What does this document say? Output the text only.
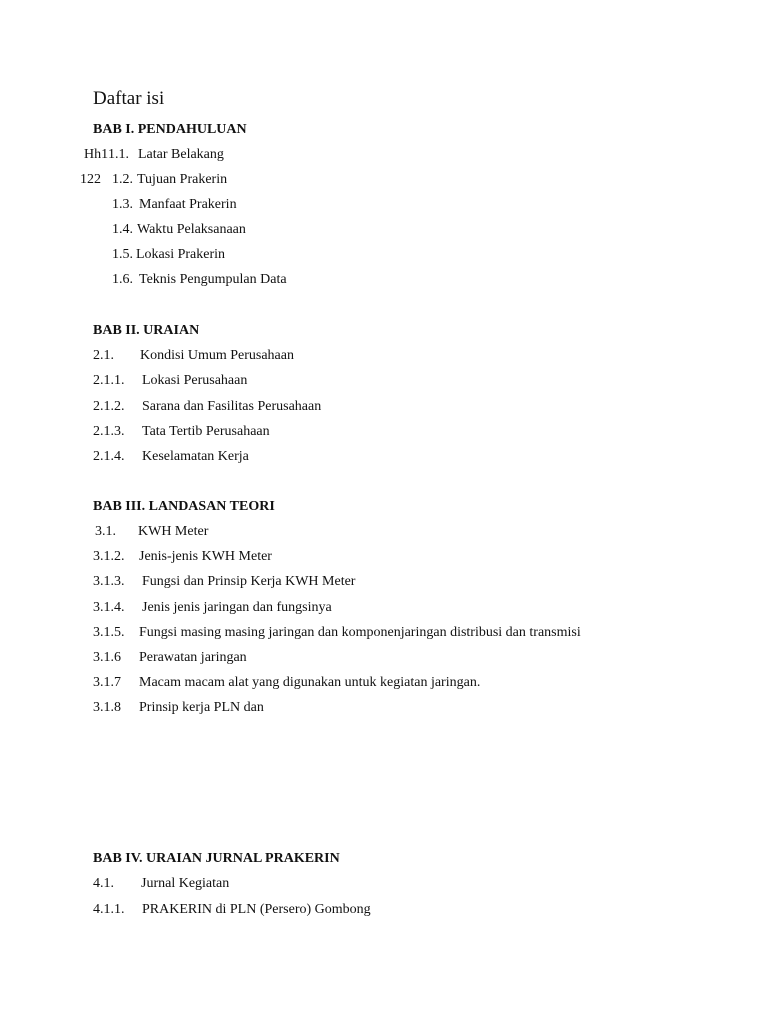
Daftar isi
BAB I. PENDAHULUAN
Hh1 1.1. Latar Belakang
122 1.2. Tujuan Prakerin
1.3. Manfaat Prakerin
1.4. Waktu Pelaksanaan
1.5. Lokasi Prakerin
1.6. Teknis Pengumpulan Data
BAB II. URAIAN
2.1. Kondisi Umum Perusahaan
2.1.1. Lokasi Perusahaan
2.1.2. Sarana dan Fasilitas Perusahaan
2.1.3. Tata Tertib Perusahaan
2.1.4. Keselamatan Kerja
BAB III. LANDASAN TEORI
3.1. KWH Meter
3.1.2. Jenis-jenis KWH Meter
3.1.3. Fungsi dan Prinsip Kerja KWH Meter
3.1.4. Jenis jenis jaringan dan fungsinya
3.1.5. Fungsi masing masing jaringan dan komponenjaringan distribusi dan transmisi
3.1.6 Perawatan jaringan
3.1.7 Macam macam alat yang digunakan untuk kegiatan jaringan.
3.1.8 Prinsip kerja PLN dan
BAB IV. URAIAN JURNAL PRAKERIN
4.1. Jurnal Kegiatan
4.1.1. PRAKERIN di PLN (Persero) Gombong
